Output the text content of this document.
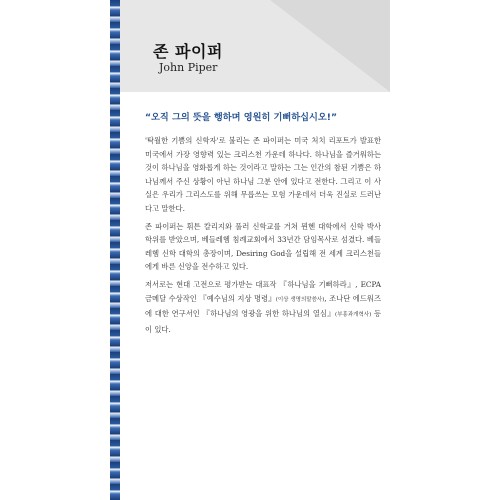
존 파이퍼
John Piper
“오직 그의 뜻을 행하며 영원히 기뻐하십시오!”

'탁월한 기쁨의 신학자'로 불리는 존 파이퍼는 미국 처치 리포트가 발표한 미국에서 가장 영향력 있는 크리스천 가운데 하나다. 하나님을 즐거워하는 것이 하나님을 영화롭게 하는 것이라고 말하는 그는 인간의 참된 기쁨은 하나님께서 주신 상황이 아닌 하나님 그분 안에 있다고 전한다. 그리고 이 사실은 우리가 그리스도를 위해 무릅쓰는 모험 가운데서 더욱 진실로 드러난다고 말한다.

존 파이퍼는 휘튼 칼리지와 풀러 신학교를 거쳐 뮌헨 대학에서 신학 박사 학위를 받았으며, 베들레헴 침례교회에서 33년간 담임목사로 섬겼다. 베들레헴 신학 대학의 총장이며, Desiring God을 설립해 전 세계 크리스천들에게 바른 신앙을 전수하고 있다.

저서로는 현대 고전으로 평가받는 대표작 『하나님을 기뻐하라』, ECPA 금메달 수상작인 『예수님의 지상 명령』(이상 생명의말씀사), 조나단 에드워즈에 대한 연구서인 『하나님의 영광을 위한 하나님의 열심』(부흥과개혁사) 등이 있다.
